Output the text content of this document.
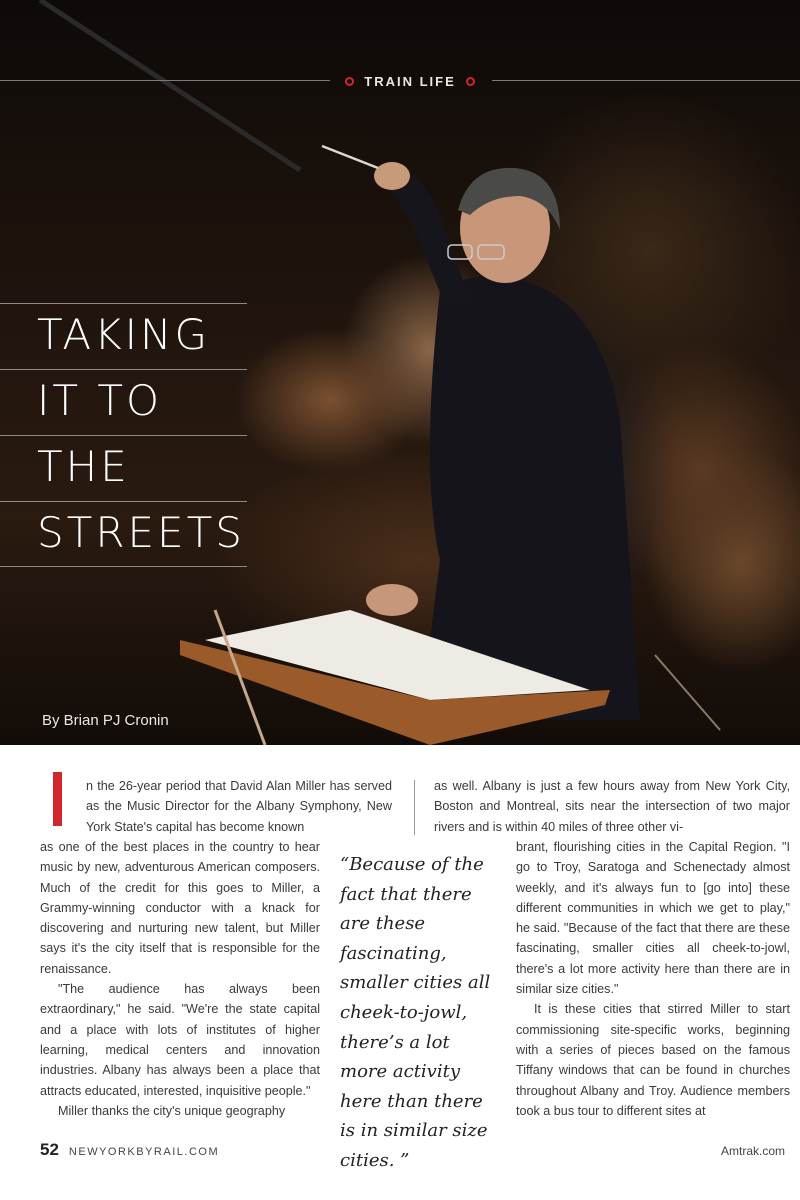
TRAIN LIFE
TAKING
IT TO
THE
STREETS
By Brian PJ Cronin
n the 26-year period that David Alan Miller has served as the Music Director for the Albany Symphony, New York State's capital has become known

as one of the best places in the country to hear music by new, adventurous American composers. Much of the credit for this goes to Miller, a Grammy-winning conductor with a knack for discovering and nurturing new talent, but Miller says it's the city itself that is responsible for the renaissance.

"The audience has always been extraordinary," he said. "We're the state capital and a place with lots of institutes of higher learning, medical centers and innovation industries. Albany has always been a place that attracts educated, interested, inquisitive people."

Miller thanks the city's unique geography

“Because of the fact that there are these fascinating, smaller cities all cheek-to-jowl, there’s a lot more activity here than there is in similar size cities. ”
as well. Albany is just a few hours away from New York City, Boston and Montreal, sits near the intersection of two major rivers and is within 40 miles of three other vi-

brant, flourishing cities in the Capital Region. "I go to Troy, Saratoga and Schenectady almost weekly, and it's always fun to [go into] these different communities in which we get to play," he said. "Because of the fact that there are these fascinating, smaller cities all cheek-to-jowl, there's a lot more activity here than there are in similar size cities."

It is these cities that stirred Miller to start commissioning site-specific works, beginning with a series of pieces based on the famous Tiffany windows that can be found in churches throughout Albany and Troy. Audience members took a bus tour to different sites at

52 NEWYORKBYRAIL.COM	Amtrak.com
